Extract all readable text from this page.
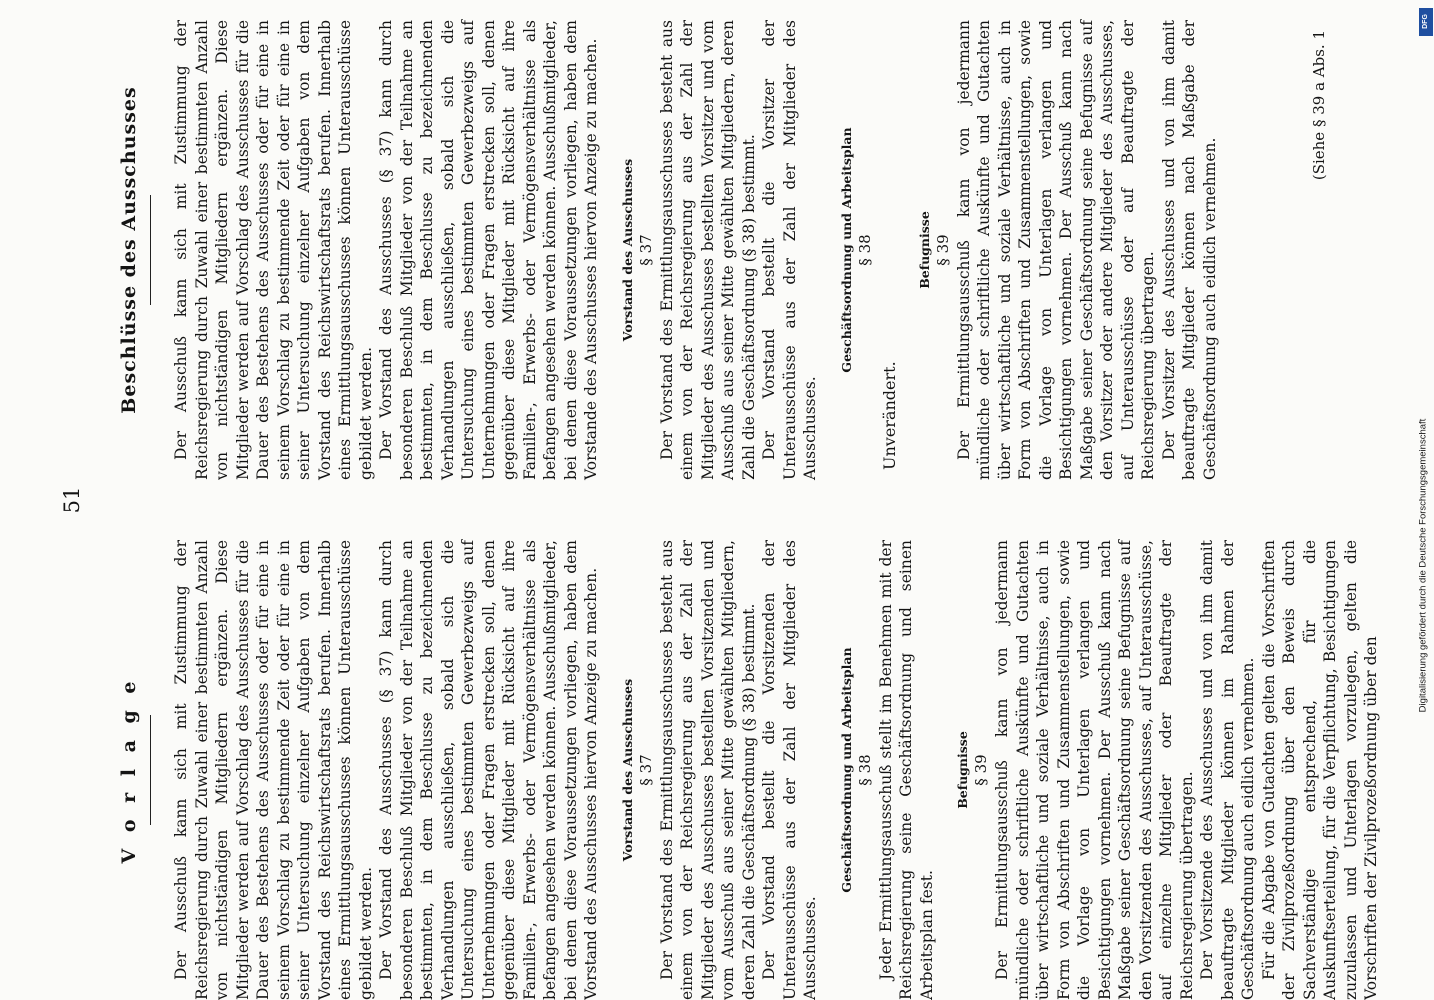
51

V o r l a g e Der Ausschuß kann sich mit Zustimmung der Reichsregierung durch Zuwahl einer bestimmten Anzahl von nichtständigen Mitgliedern ergänzen. Diese Mitglieder werden auf Vorschlag des Ausschusses für die Dauer des Bestehens des Ausschusses oder für eine in seinem Vorschlag zu bestimmende Zeit oder für eine in seiner Untersuchung einzelner Aufgaben von dem Vorstand des Reichswirtschaftsrats berufen. Innerhalb eines Ermittlungsausschusses können Unterausschüsse gebildet werden. Der Vorstand des Ausschusses (§ 37) kann durch besonderen Beschluß Mitglieder von der Teilnahme an bestimmten, in dem Beschlusse zu bezeichnenden Verhandlungen ausschließen, sobald sich die Untersuchung eines bestimmten Gewerbezweigs auf Unternehmungen oder Fragen erstrecken soll, denen gegenüber diese Mitglieder mit Rücksicht auf ihre Familien-, Erwerbs- oder Vermögensverhältnisse als befangen angesehen werden können. Ausschußmitglieder, bei denen diese Voraussetzungen vorliegen, haben dem Vorstand des Ausschusses hiervon Anzeige zu machen. Vorstand des Ausschusses § 37 Der Vorstand des Ermittlungsausschusses besteht aus einem von der Reichsregierung aus der Zahl der Mitglieder des Ausschusses bestellten Vorsitzenden und vom Ausschuß aus seiner Mitte gewählten Mitgliedern, deren Zahl die Geschäftsordnung (§ 38) bestimmt. Der Vorstand bestellt die Vorsitzenden der Unterausschüsse aus der Zahl der Mitglieder des Ausschusses.

Geschäftsordnung und Arbeitsplan § 38 Jeder Ermittlungsausschuß stellt im Benehmen mit der Reichsregierung seine Geschäftsordnung und seinen Arbeitsplan fest.

Befugnisse § 39 Der Ermittlungsausschuß kann von jedermann mündliche oder schriftliche Auskünfte und Gutachten über wirtschaftliche und soziale Verhältnisse, auch in Form von Abschriften und Zusammenstellungen, sowie die Vorlage von Unterlagen verlangen und Besichtigungen vornehmen. Der Ausschuß kann nach Maßgabe seiner Geschäftsordnung seine Befugnisse auf den Vorsitzenden des Ausschusses, auf Unterausschüsse, auf einzelne Mitglieder oder Beauftragte der Reichsregierung übertragen. Der Vorsitzende des Ausschusses und von ihm damit beauftragte Mitglieder können im Rahmen der Geschäftsordnung auch eidlich vernehmen. Für die Abgabe von Gutachten gelten die Vorschriften der Zivilprozeßordnung über den Beweis durch Sachverständige entsprechend, für die Auskunftserteilung, für die Verpflichtung, Besichtigungen zuzulassen und Unterlagen vorzulegen, gelten die Vorschriften der Zivilprozeßordnung über den

Beschlüsse des Ausschusses Der Ausschuß kann sich mit Zustimmung der Reichsregierung durch Zuwahl einer bestimmten Anzahl von nichtständigen Mitgliedern ergänzen. Diese Mitglieder werden auf Vorschlag des Ausschusses für die Dauer des Bestehens des Ausschusses oder für eine in seinem Vorschlag zu bestimmende Zeit oder für eine in seiner Untersuchung einzelner Aufgaben von dem Vorstand des Reichswirtschaftsrats berufen. Innerhalb eines Ermittlungsausschusses können Unterausschüsse gebildet werden. Der Vorstand des Ausschusses (§ 37) kann durch besonderen Beschluß Mitglieder von der Teilnahme an bestimmten, in dem Beschlusse zu bezeichnenden Verhandlungen ausschließen, sobald sich die Untersuchung eines bestimmten Gewerbezweigs auf Unternehmungen oder Fragen erstrecken soll, denen gegenüber diese Mitglieder mit Rücksicht auf ihre Familien-, Erwerbs- oder Vermögensverhältnisse als befangen angesehen werden können. Ausschußmitglieder, bei denen diese Voraussetzungen vorliegen, haben dem Vorstande des Ausschusses hiervon Anzeige zu machen. Vorstand des Ausschusses § 37 Der Vorstand des Ermittlungsausschusses besteht aus einem von der Reichsregierung aus der Zahl der Mitglieder des Ausschusses bestellten Vorsitzer und vom Ausschuß aus seiner Mitte gewählten Mitgliedern, deren Zahl die Geschäftsordnung (§ 38) bestimmt. Der Vorstand bestellt die Vorsitzer der Unterausschüsse aus der Zahl der Mitglieder des Ausschusses.

Geschäftsordnung und Arbeitsplan § 38

Unverändert.

Befugnisse § 39 Der Ermittlungsausschuß kann von jedermann mündliche oder schriftliche Auskünfte und Gutachten über wirtschaftliche und soziale Verhältnisse, auch in Form von Abschriften und Zusammenstellungen, sowie die Vorlage von Unterlagen verlangen und Besichtigungen vornehmen. Der Ausschuß kann nach Maßgabe seiner Geschäftsordnung seine Befugnisse auf den Vorsitzer oder andere Mitglieder des Ausschusses, auf Unterausschüsse oder auf Beauftragte der Reichsregierung übertragen. Der Vorsitzer des Ausschusses und von ihm damit beauftragte Mitglieder können nach Maßgabe der Geschäftsordnung auch eidlich vernehmen.

(Siehe § 39 a Abs. 1
Digitalisierung gefördert durch die Deutsche Forschungsgemeinschaft
DFG
